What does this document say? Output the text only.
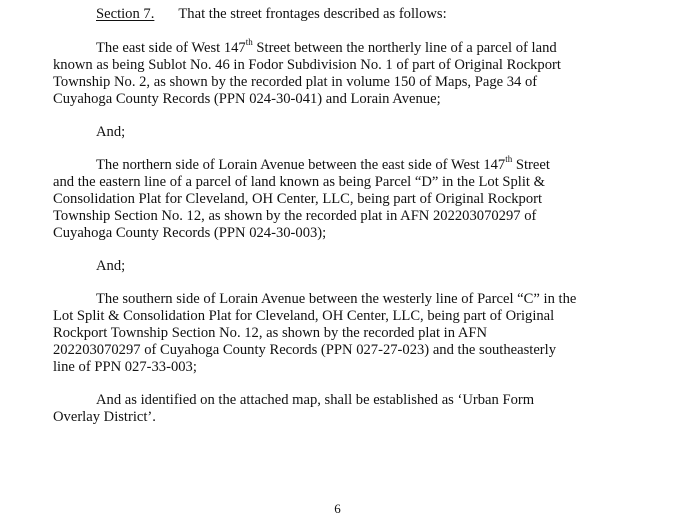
Section 7. That the street frontages described as follows:
The east side of West 147th Street between the northerly line of a parcel of land
known as being Sublot No. 46 in Fodor Subdivision No. 1 of part of Original Rockport
Township No. 2, as shown by the recorded plat in volume 150 of Maps, Page 34 of
Cuyahoga County Records (PPN 024-30-041) and Lorain Avenue;
And;
The northern side of Lorain Avenue between the east side of West 147th Street
and the eastern line of a parcel of land known as being Parcel “D” in the Lot Split &
Consolidation Plat for Cleveland, OH Center, LLC, being part of Original Rockport
Township Section No. 12, as shown by the recorded plat in AFN 202203070297 of
Cuyahoga County Records (PPN 024-30-003);
And;
The southern side of Lorain Avenue between the westerly line of Parcel “C” in the
Lot Split & Consolidation Plat for Cleveland, OH Center, LLC, being part of Original
Rockport Township Section No. 12, as shown by the recorded plat in AFN
202203070297 of Cuyahoga County Records (PPN 027-27-023) and the southeasterly
line of PPN 027-33-003;
And as identified on the attached map, shall be established as ‘Urban Form
Overlay District’.
6
